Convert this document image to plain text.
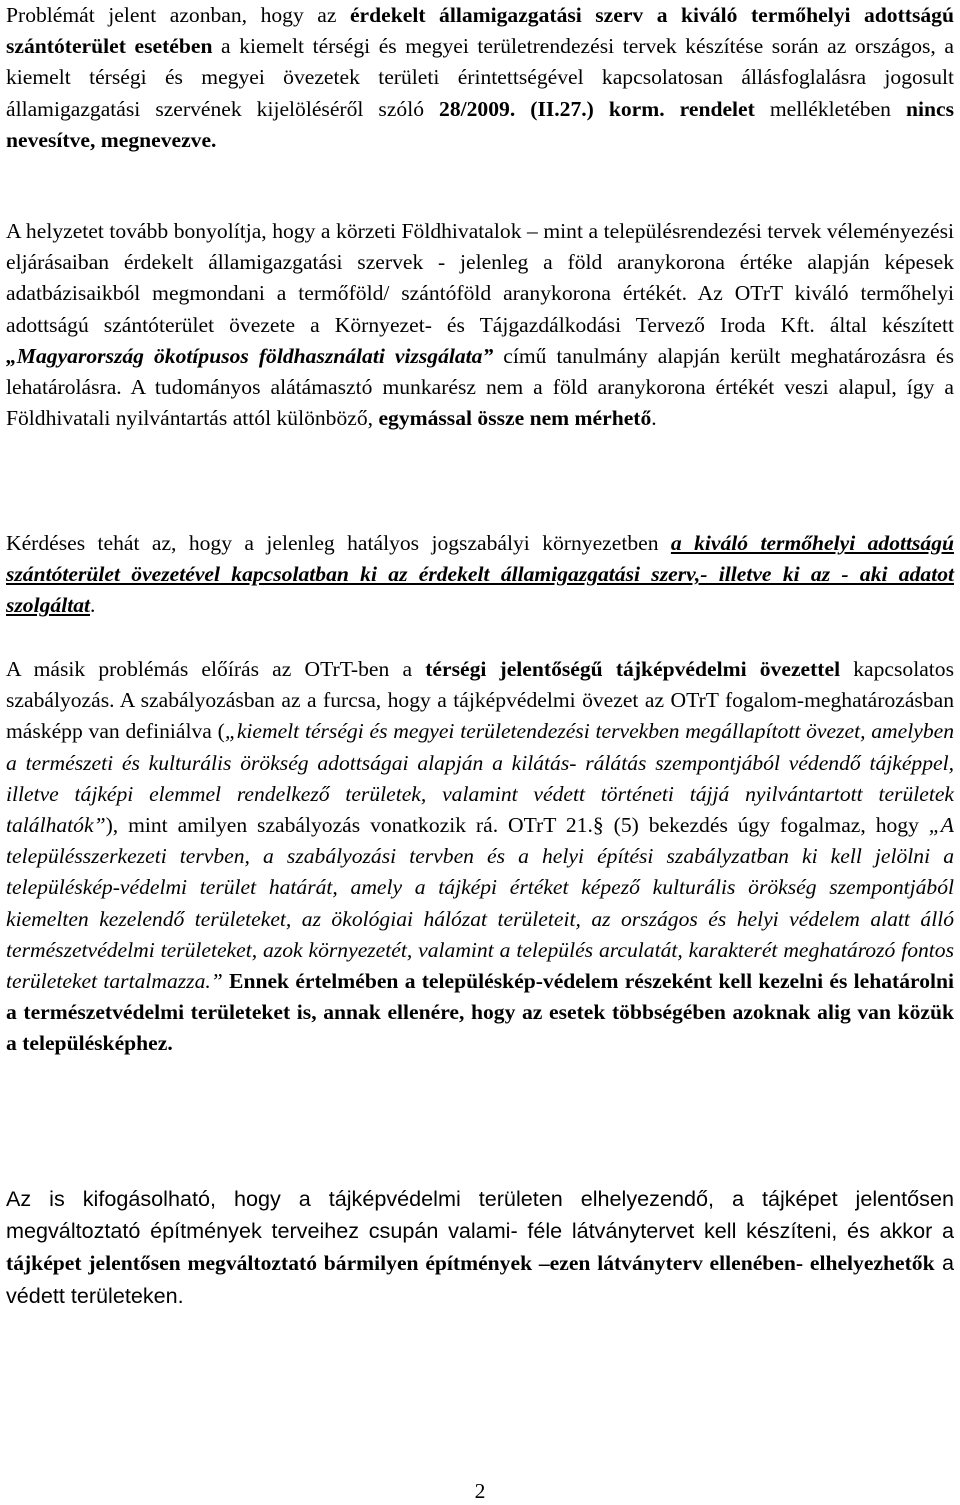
Problémát jelent azonban, hogy az érdekelt államigazgatási szerv a kiváló termőhelyi adottságú szántóterület esetében a kiemelt térségi és megyei területrendezési tervek készítése során az országos, a kiemelt térségi és megyei övezetek területi érintettségével kapcsolatosan állásfoglalásra jogosult államigazgatási szervének kijelöléséről szóló 28/2009. (II.27.) korm. rendelet mellékletében nincs nevesítve, megnevezve.

A helyzetet tovább bonyolítja, hogy a körzeti Földhivatalok – mint a településrendezési tervek véleményezési eljárásaiban érdekelt államigazgatási szervek - jelenleg a föld aranykorona értéke alapján képesek adatbázisaikból megmondani a termőföld/ szántóföld aranykorona értékét. Az OTrT kiváló termőhelyi adottságú szántóterület övezete a Környezet- és Tájgazdálkodási Tervező Iroda Kft. által készített „Magyarország ökotípusos földhasználati vizsgálata” című tanulmány alapján került meghatározásra és lehatárolásra. A tudományos alátámasztó munkarész nem a föld aranykorona értékét veszi alapul, így a Földhivatali nyilvántartás attól különböző, egymással össze nem mérhető.

Kérdéses tehát az, hogy a jelenleg hatályos jogszabályi környezetben a kiváló termőhelyi adottságú szántóterület övezetével kapcsolatban ki az érdekelt államigazgatási szerv,- illetve ki az - aki adatot szolgáltat.

A másik problémás előírás az OTrT-ben a térségi jelentőségű tájképvédelmi övezettel kapcsolatos szabályozás. A szabályozásban az a furcsa, hogy a tájképvédelmi övezet az OTrT fogalom-meghatározásban másképp van definiálva („kiemelt térségi és megyei területendezési tervekben megállapított övezet, amelyben a természeti és kulturális örökség adottságai alapján a kilátás- rálátás szempontjából védendő tájképpel, illetve tájképi elemmel rendelkező területek, valamint védett történeti tájjá nyilvántartott területek találhatók”), mint amilyen szabályozás vonatkozik rá. OTrT 21.§ (5) bekezdés úgy fogalmaz, hogy „A településszerkezeti tervben, a szabályozási tervben és a helyi építési szabályzatban ki kell jelölni a településkép-védelmi terület határát, amely a tájképi értéket képező kulturális örökség szempontjából kiemelten kezelendő területeket, az ökológiai hálózat területeit, az országos és helyi védelem alatt álló természetvédelmi területeket, azok környezetét, valamint a település arculatát, karakterét meghatározó fontos területeket tartalmazza.” Ennek értelmében a településkép-védelem részeként kell kezelni és lehatárolni a természetvédelmi területeket is, annak ellenére, hogy az esetek többségében azoknak alig van közük a településképhez.

Az is kifogásolható, hogy a tájképvédelmi területen elhelyezendő, a tájképet jelentősen megváltoztató építmények terveihez csupán valami- féle látványtervet kell készíteni, és akkor a tájképet jelentősen megváltoztató bármilyen építmények –ezen látványterv ellenében- elhelyezhetők a védett területeken.

2
